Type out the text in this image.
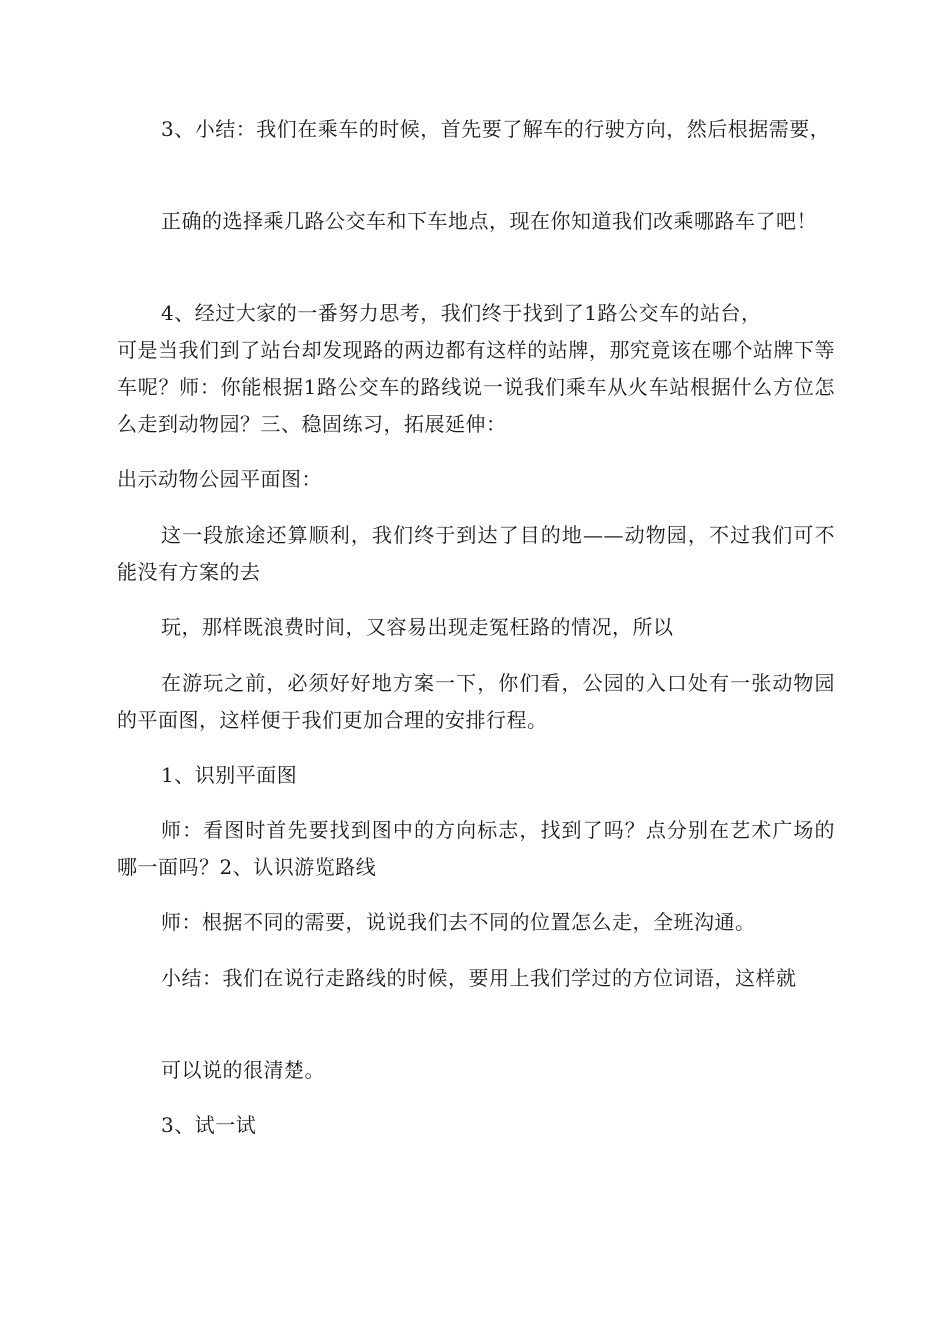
3、小结：我们在乘车的时候，首先要了解车的行驶方向，然后根据需要，

正确的选择乘几路公交车和下车地点，现在你知道我们改乘哪路车了吧！

4、经过大家的一番努力思考，我们终于找到了1路公交车的站台，

可是当我们到了站台却发现路的两边都有这样的站牌，那究竟该在哪个站牌下等车呢？师：你能根据1路公交车的路线说一说我们乘车从火车站根据什么方位怎么走到动物园？三、稳固练习，拓展延伸：

出示动物公园平面图：

这一段旅途还算顺利，我们终于到达了目的地——动物园，不过我们可不能没有方案的去

玩，那样既浪费时间，又容易出现走冤枉路的情况，所以

在游玩之前，必须好好地方案一下，你们看，公园的入口处有一张动物园的平面图，这样便于我们更加合理的安排行程。

1、识别平面图

师：看图时首先要找到图中的方向标志，找到了吗？点分别在艺术广场的哪一面吗？2、认识游览路线

师：根据不同的需要，说说我们去不同的位置怎么走，全班沟通。

小结：我们在说行走路线的时候，要用上我们学过的方位词语，这样就

可以说的很清楚。

3、试一试
